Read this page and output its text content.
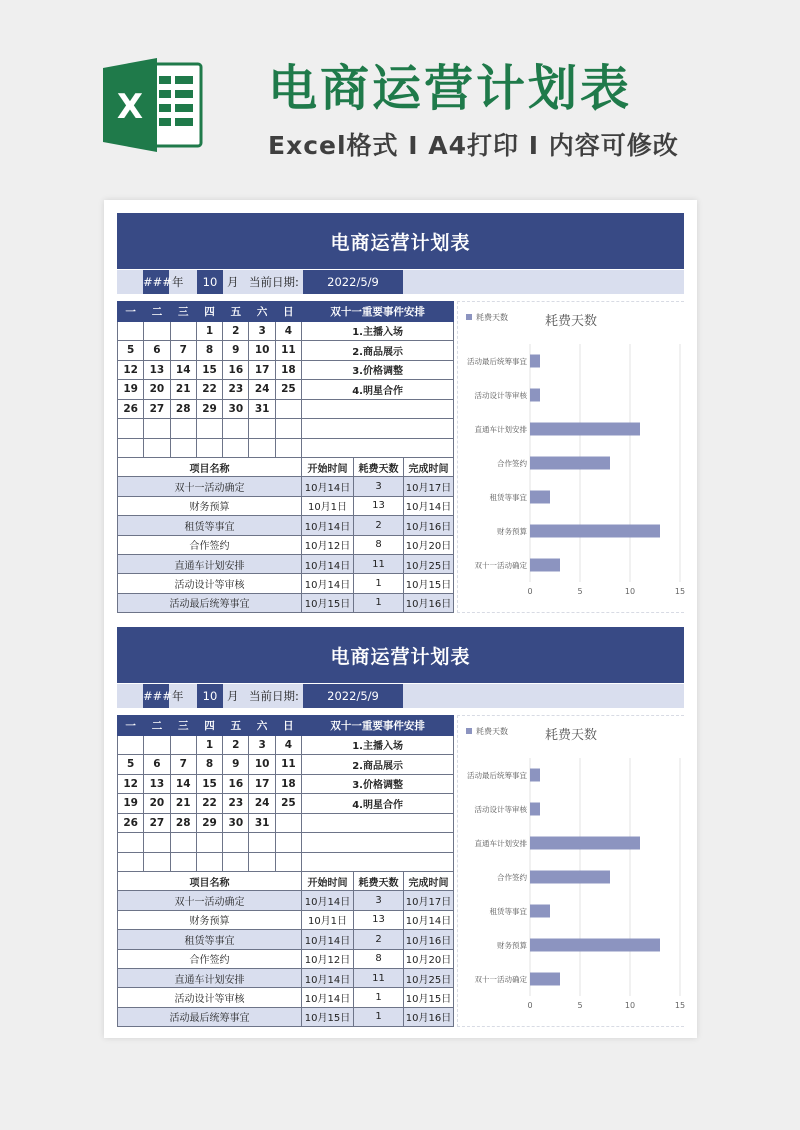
X	电商运营计划表
Excel格式 I A4打印 I 内容可修改
电商运营计划表
### 年	10 月 当前日期:	2022/5/9
一	二	三	四	五	六	日	双十一重要事件安排
			1	2	3	4	1.主播入场
5	6	7	8	9	10	11	2.商品展示
12	13	14	15	16	17	18	3.价格调整
19	20	21	22	23	24	25	4.明星合作
26	27	28	29	30	31		

项目名称	开始时间	耗费天数	完成时间
双十一活动确定	10月14日	3	10月17日
财务预算	10月1日	13	10月14日
租赁等事宜	10月14日	2	10月16日
合作签约	10月12日	8	10月20日
直通车计划安排	10月14日	11	10月25日
活动设计等审核	10月14日	1	10月15日
活动最后统筹事宜	10月15日	1	10月16日
耗费天数	耗费天数
0	5	10	15
活动最后统筹事宜
活动设计等审核
直通车计划安排
合作签约
租赁等事宜
财务预算
双十一活动确定
电商运营计划表
### 年	10 月 当前日期:	2022/5/9
一	二	三	四	五	六	日	双十一重要事件安排
			1	2	3	4	1.主播入场
5	6	7	8	9	10	11	2.商品展示
12	13	14	15	16	17	18	3.价格调整
19	20	21	22	23	24	25	4.明星合作
26	27	28	29	30	31		

项目名称	开始时间	耗费天数	完成时间
双十一活动确定	10月14日	3	10月17日
财务预算	10月1日	13	10月14日
租赁等事宜	10月14日	2	10月16日
合作签约	10月12日	8	10月20日
直通车计划安排	10月14日	11	10月25日
活动设计等审核	10月14日	1	10月15日
活动最后统筹事宜	10月15日	1	10月16日
耗费天数	耗费天数
0	5	10	15
活动最后统筹事宜
活动设计等审核
直通车计划安排
合作签约
租赁等事宜
财务预算
双十一活动确定
